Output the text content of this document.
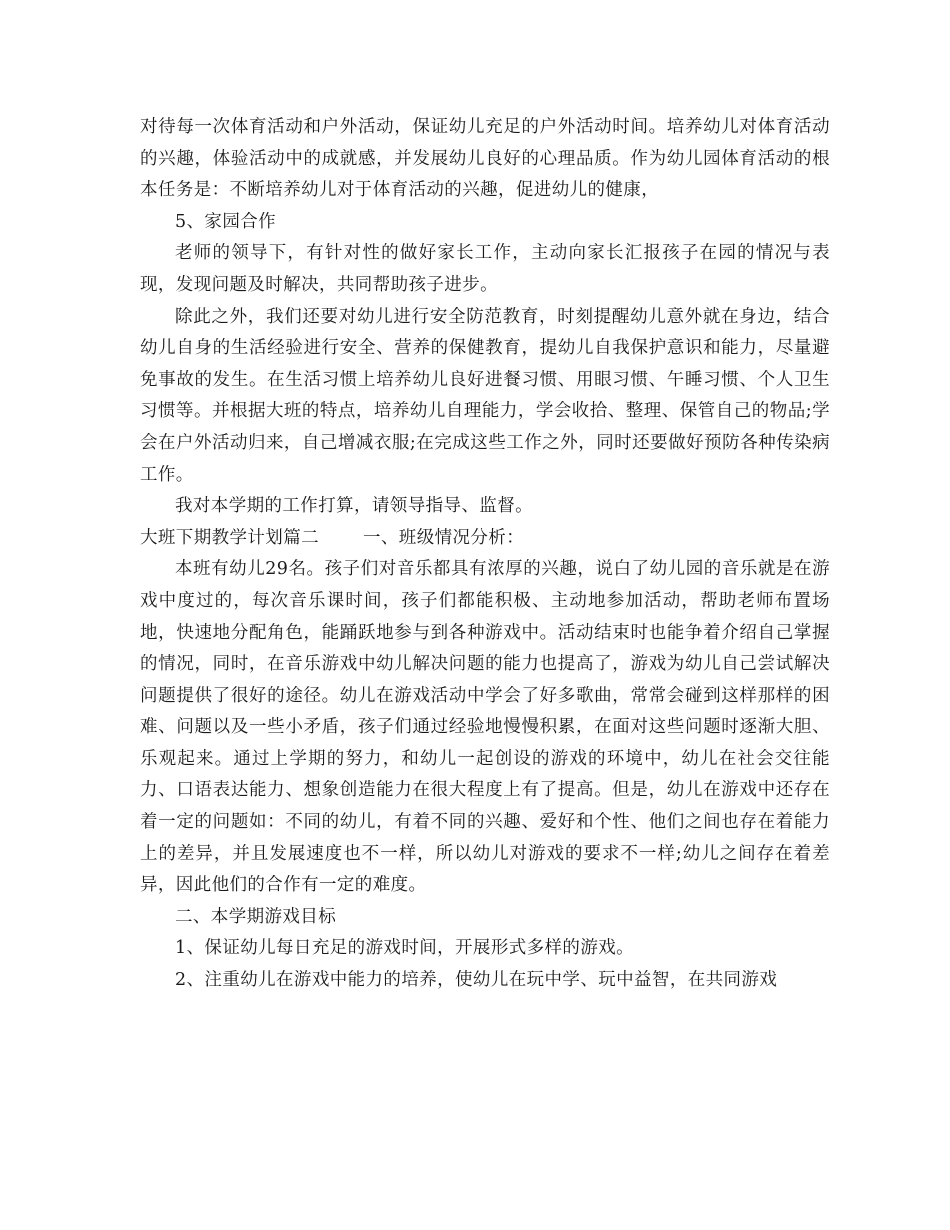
对待每一次体育活动和户外活动，保证幼儿充足的户外活动时间。培养幼儿对体育活动的兴趣，体验活动中的成就感，并发展幼儿良好的心理品质。作为幼儿园体育活动的根本任务是：不断培养幼儿对于体育活动的兴趣，促进幼儿的健康，

5、家园合作

老师的领导下，有针对性的做好家长工作，主动向家长汇报孩子在园的情况与表现，发现问题及时解决，共同帮助孩子进步。

除此之外，我们还要对幼儿进行安全防范教育，时刻提醒幼儿意外就在身边，结合幼儿自身的生活经验进行安全、营养的保健教育，提幼儿自我保护意识和能力，尽量避免事故的发生。在生活习惯上培养幼儿良好进餐习惯、用眼习惯、午睡习惯、个人卫生习惯等。并根据大班的特点，培养幼儿自理能力，学会收拾、整理、保管自己的物品;学会在户外活动归来，自己增减衣服;在完成这些工作之外，同时还要做好预防各种传染病工作。

我对本学期的工作打算，请领导指导、监督。

大班下期教学计划篇二	一、班级情况分析：

本班有幼儿29名。孩子们对音乐都具有浓厚的兴趣，说白了幼儿园的音乐就是在游戏中度过的，每次音乐课时间，孩子们都能积极、主动地参加活动，帮助老师布置场地，快速地分配角色，能踊跃地参与到各种游戏中。活动结束时也能争着介绍自己掌握的情况，同时，在音乐游戏中幼儿解决问题的能力也提高了，游戏为幼儿自己尝试解决问题提供了很好的途径。幼儿在游戏活动中学会了好多歌曲，常常会碰到这样那样的困难、问题以及一些小矛盾，孩子们通过经验地慢慢积累，在面对这些问题时逐渐大胆、乐观起来。通过上学期的努力，和幼儿一起创设的游戏的环境中，幼儿在社会交往能力、口语表达能力、想象创造能力在很大程度上有了提高。但是，幼儿在游戏中还存在着一定的问题如：不同的幼儿，有着不同的兴趣、爱好和个性、他们之间也存在着能力上的差异，并且发展速度也不一样，所以幼儿对游戏的要求不一样;幼儿之间存在着差异，因此他们的合作有一定的难度。

二、本学期游戏目标

1、保证幼儿每日充足的游戏时间，开展形式多样的游戏。

2、注重幼儿在游戏中能力的培养，使幼儿在玩中学、玩中益智，在共同游戏
